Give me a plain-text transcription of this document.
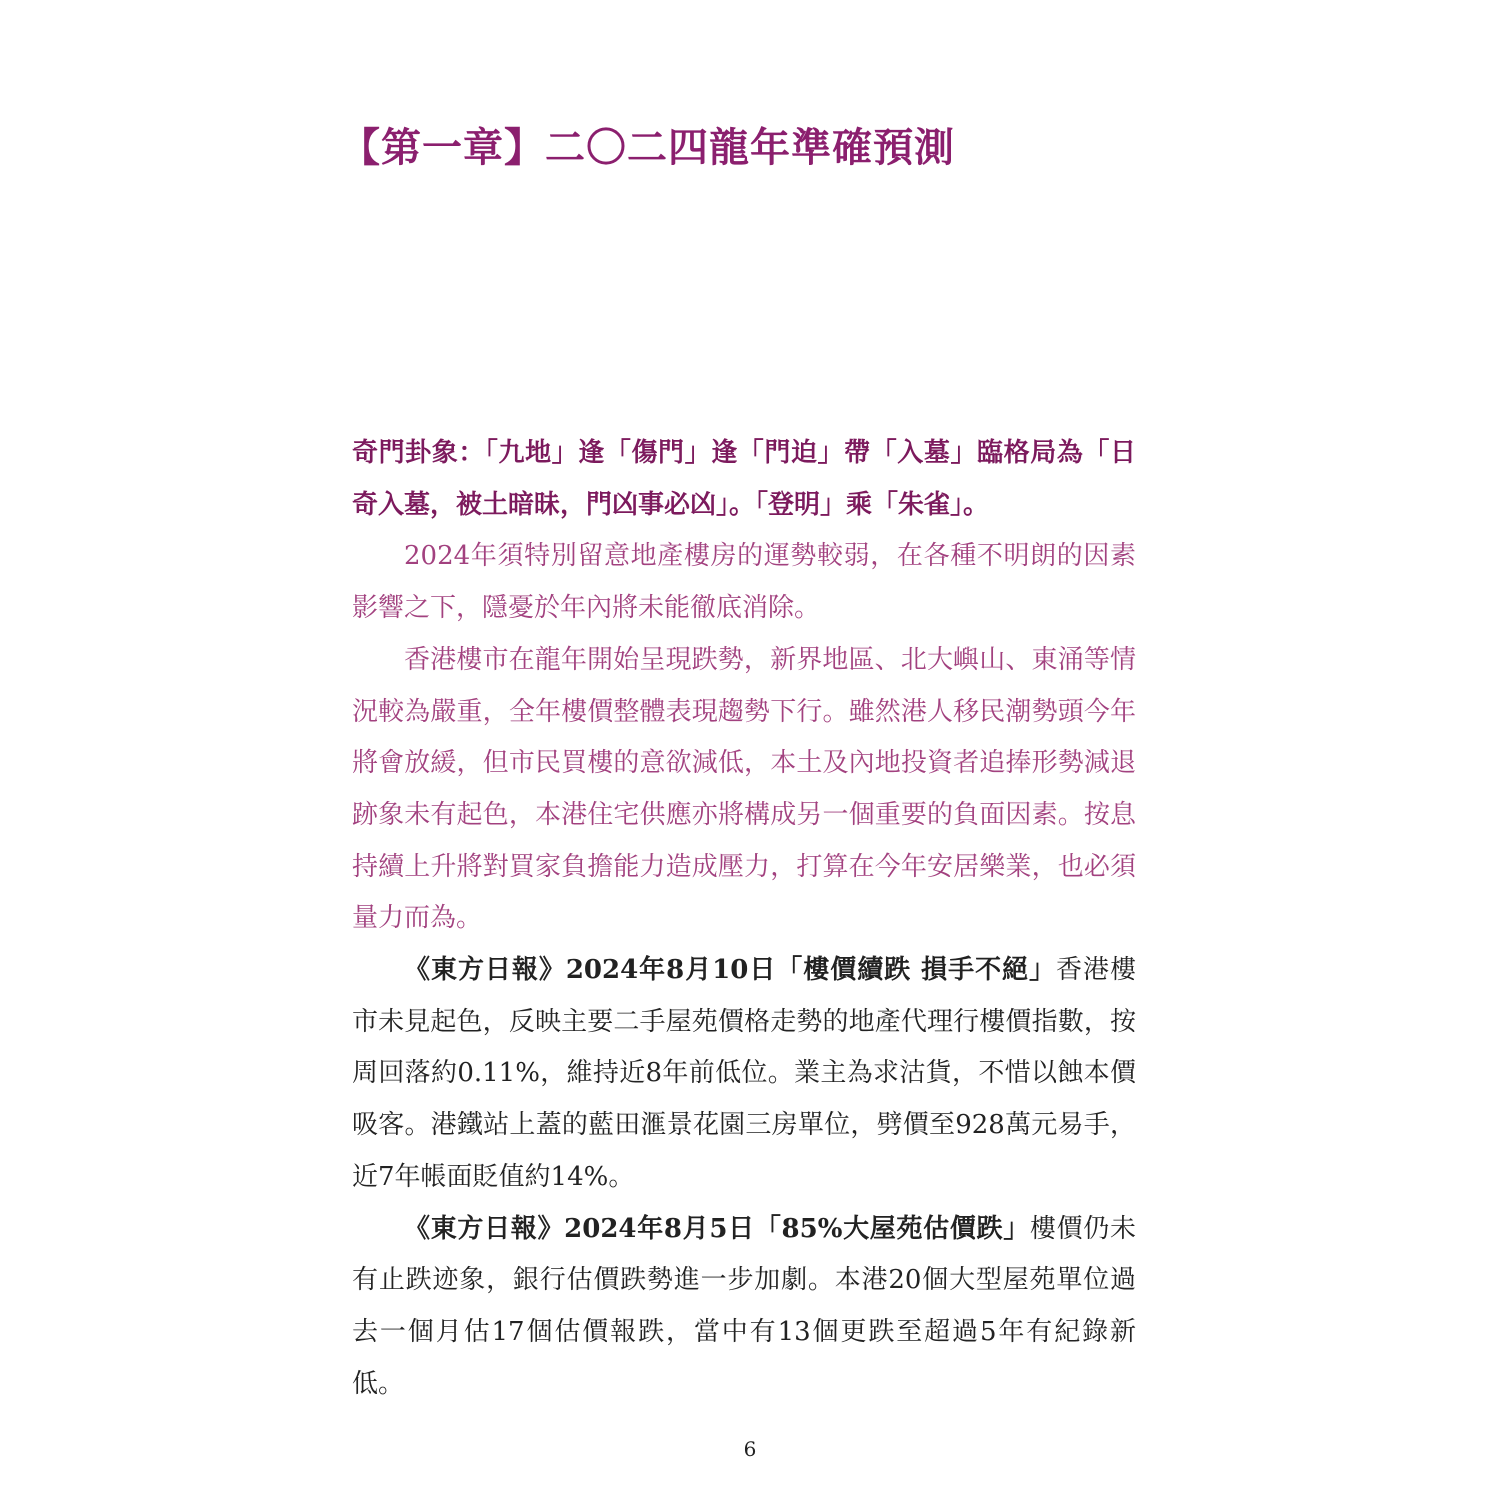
【第一章】二〇二四龍年準確預測

奇門卦象：「九地」逢「傷門」逢「門迫」帶「入墓」臨格局為「日奇入墓，被土暗昧，門凶事必凶」。「登明」乘「朱雀」。

2024年須特別留意地產樓房的運勢較弱，在各種不明朗的因素影響之下，隱憂於年內將未能徹底消除。

香港樓市在龍年開始呈現跌勢，新界地區、北大嶼山、東涌等情況較為嚴重，全年樓價整體表現趨勢下行。雖然港人移民潮勢頭今年將會放緩，但市民買樓的意欲減低，本土及內地投資者追捧形勢減退跡象未有起色，本港住宅供應亦將構成另一個重要的負面因素。按息持續上升將對買家負擔能力造成壓力，打算在今年安居樂業，也必須量力而為。

《東方日報》2024年8月10日「樓價續跌 損手不絕」香港樓市未見起色，反映主要二手屋苑價格走勢的地產代理行樓價指數，按周回落約0.11%，維持近8年前低位。業主為求沽貨，不惜以蝕本價吸客。港鐵站上蓋的藍田滙景花園三房單位，劈價至928萬元易手，近7年帳面貶值約14%。

《東方日報》2024年8月5日「85%大屋苑估價跌」樓價仍未有止跌迹象，銀行估價跌勢進一步加劇。本港20個大型屋苑單位過去一個月估17個估價報跌，當中有13個更跌至超過5年有紀錄新低。

6
